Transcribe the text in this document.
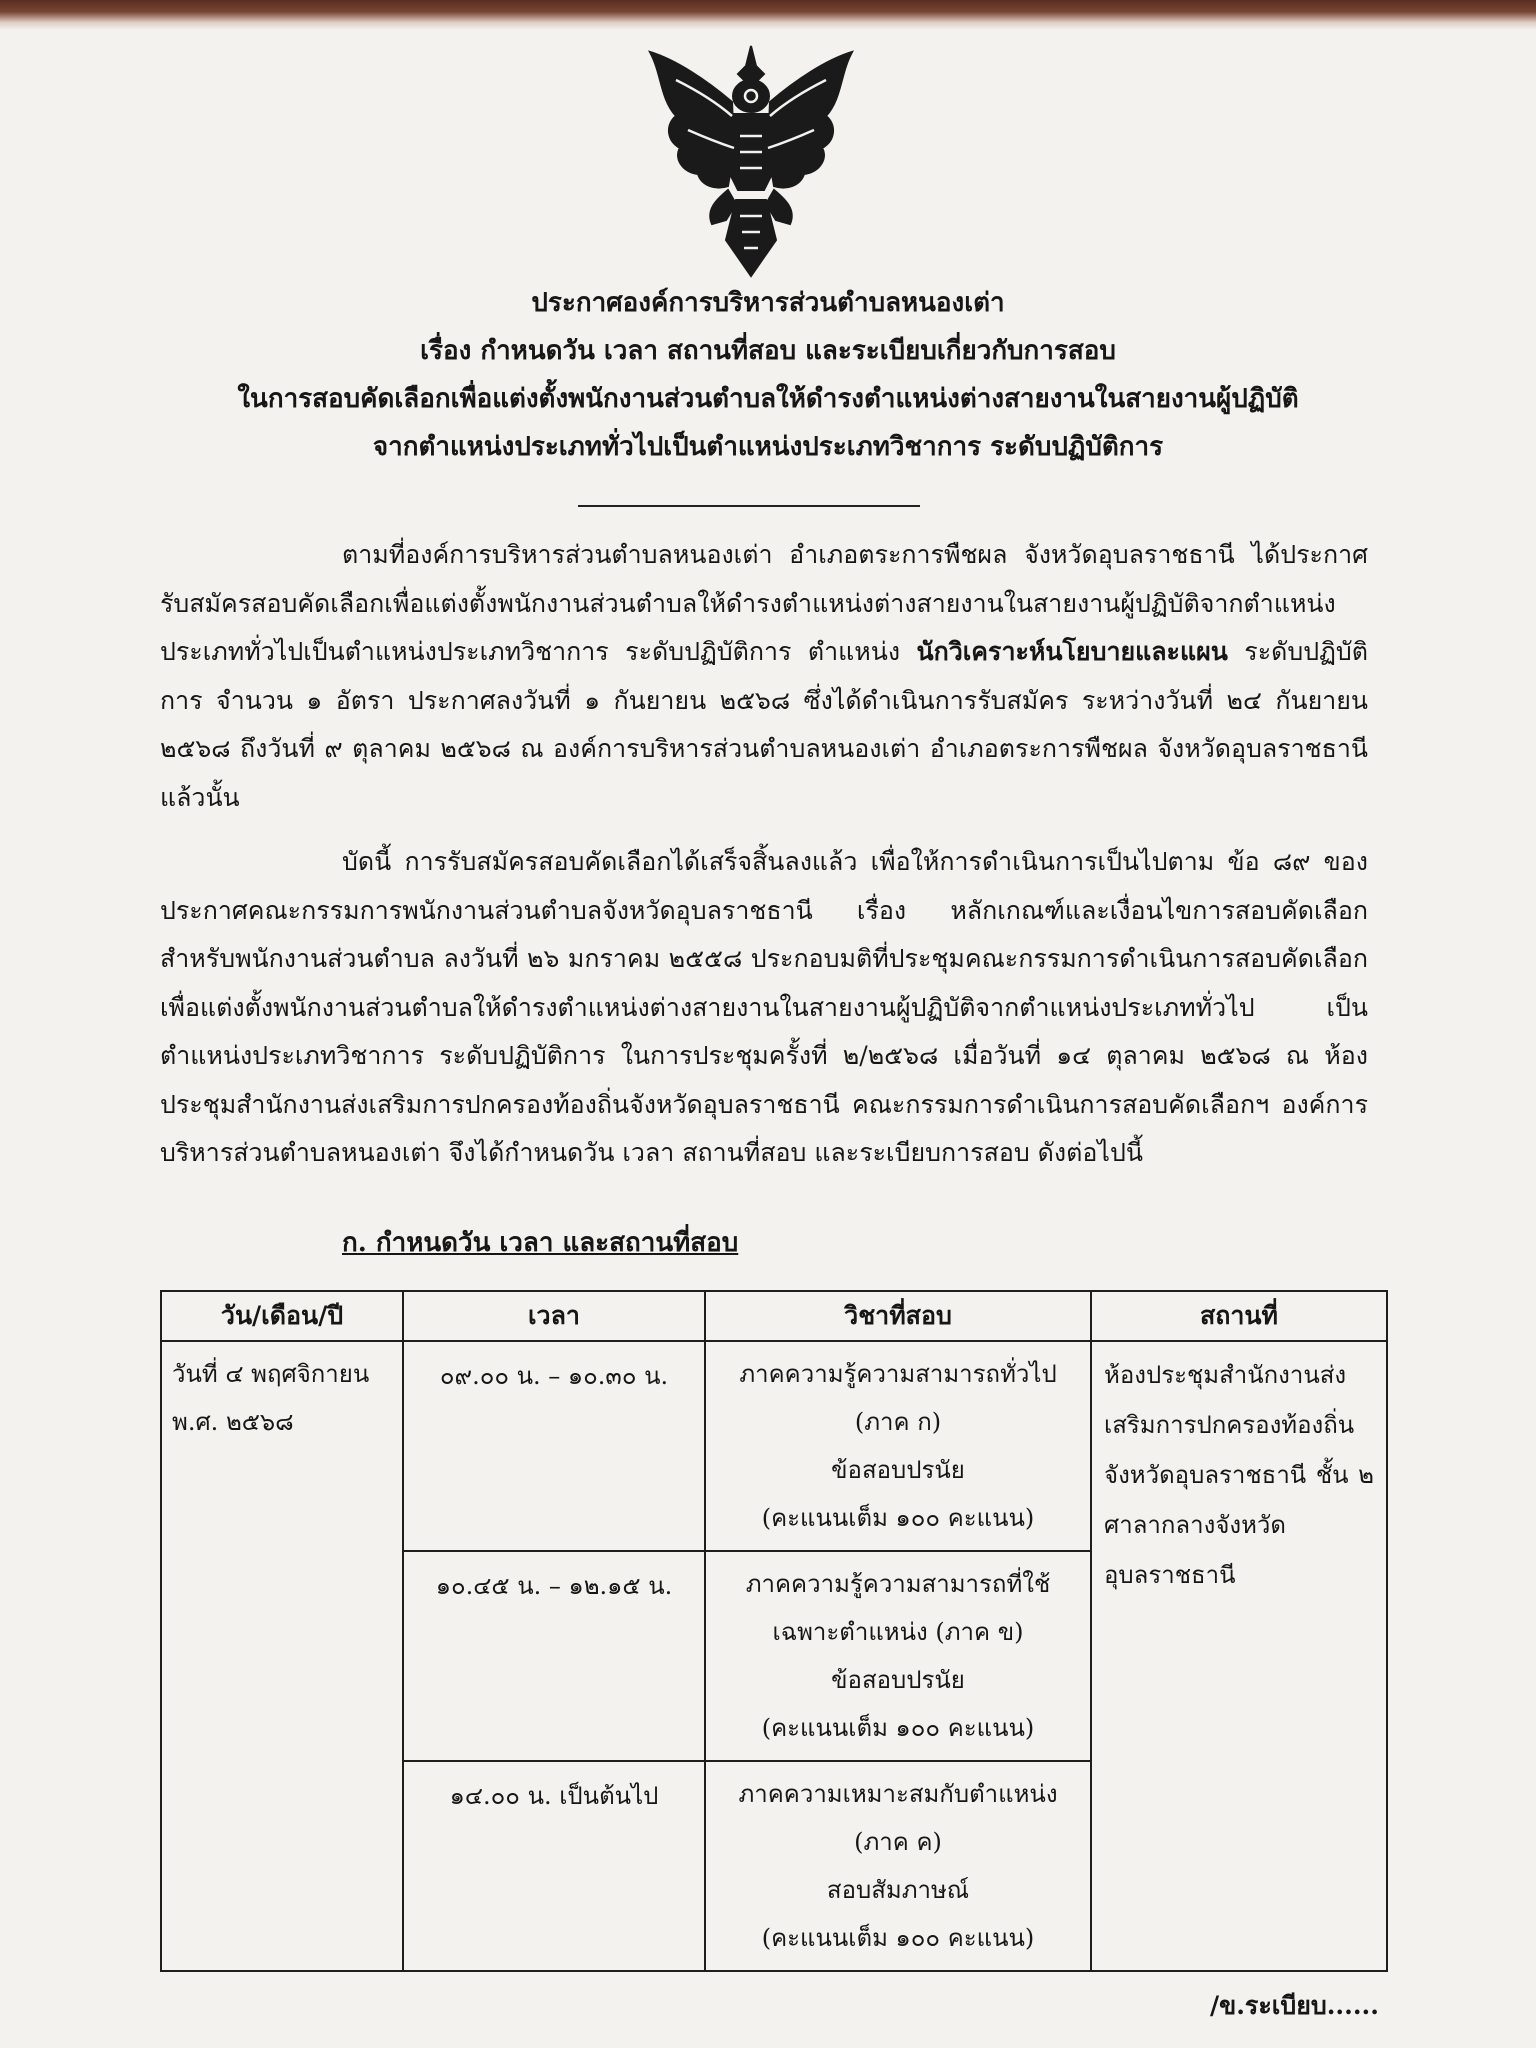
ประกาศองค์การบริหารส่วนตำบลหนองเต่า
เรื่อง กำหนดวัน เวลา สถานที่สอบ และระเบียบเกี่ยวกับการสอบ
ในการสอบคัดเลือกเพื่อแต่งตั้งพนักงานส่วนตำบลให้ดำรงตำแหน่งต่างสายงานในสายงานผู้ปฏิบัติ
จากตำแหน่งประเภททั่วไปเป็นตำแหน่งประเภทวิชาการ ระดับปฏิบัติการ
ตามที่องค์การบริหารส่วนตำบลหนองเต่า อำเภอตระการพืชผล จังหวัดอุบลราชธานี ได้ประกาศรับสมัครสอบคัดเลือกเพื่อแต่งตั้งพนักงานส่วนตำบลให้ดำรงตำแหน่งต่างสายงานในสายงานผู้ปฏิบัติจากตำแหน่งประเภททั่วไปเป็นตำแหน่งประเภทวิชาการ ระดับปฏิบัติการ ตำแหน่ง นักวิเคราะห์นโยบายและแผน ระดับปฏิบัติการ จำนวน ๑ อัตรา ประกาศลงวันที่ ๑ กันยายน ๒๕๖๘ ซึ่งได้ดำเนินการรับสมัคร ระหว่างวันที่ ๒๔ กันยายน ๒๕๖๘ ถึงวันที่ ๙ ตุลาคม ๒๕๖๘ ณ องค์การบริหารส่วนตำบลหนองเต่า อำเภอตระการพืชผล จังหวัดอุบลราชธานี แล้วนั้น
บัดนี้ การรับสมัครสอบคัดเลือกได้เสร็จสิ้นลงแล้ว เพื่อให้การดำเนินการเป็นไปตาม ข้อ ๘๙ ของประกาศคณะกรรมการพนักงานส่วนตำบลจังหวัดอุบลราชธานี เรื่อง หลักเกณฑ์และเงื่อนไขการสอบคัดเลือกสำหรับพนักงานส่วนตำบล ลงวันที่ ๒๖ มกราคม ๒๕๕๘ ประกอบมติที่ประชุมคณะกรรมการดำเนินการสอบคัดเลือกเพื่อแต่งตั้งพนักงานส่วนตำบลให้ดำรงตำแหน่งต่างสายงานในสายงานผู้ปฏิบัติจากตำแหน่งประเภททั่วไป เป็นตำแหน่งประเภทวิชาการ ระดับปฏิบัติการ ในการประชุมครั้งที่ ๒/๒๕๖๘ เมื่อวันที่ ๑๔ ตุลาคม ๒๕๖๘ ณ ห้องประชุมสำนักงานส่งเสริมการปกครองท้องถิ่นจังหวัดอุบลราชธานี คณะกรรมการดำเนินการสอบคัดเลือกฯ องค์การบริหารส่วนตำบลหนองเต่า จึงได้กำหนดวัน เวลา สถานที่สอบ และระเบียบการสอบ ดังต่อไปนี้
ก. กำหนดวัน เวลา และสถานที่สอบ
วัน/เดือน/ปี	เวลา	วิชาที่สอบ	สถานที่

วันที่ ๔ พฤศจิกายน
พ.ศ. ๒๕๖๘	๐๙.๐๐ น. – ๑๐.๓๐ น.	ภาคความรู้ความสามารถทั่วไป
(ภาค ก)
ข้อสอบปรนัย
(คะแนนเต็ม ๑๐๐ คะแนน)	ห้องประชุมสำนักงานส่งเสริมการปกครองท้องถิ่นจังหวัดอุบลราชธานี ชั้น ๒ ศาลากลางจังหวัดอุบลราชธานี
	๑๐.๔๕ น. – ๑๒.๑๕ น.	ภาคความรู้ความสามารถที่ใช้
เฉพาะตำแหน่ง (ภาค ข)
ข้อสอบปรนัย
(คะแนนเต็ม ๑๐๐ คะแนน)	

	๑๔.๐๐ น. เป็นต้นไป	ภาคความเหมาะสมกับตำแหน่ง
(ภาค ค)
สอบสัมภาษณ์
(คะแนนเต็ม ๑๐๐ คะแนน)	
/ข.ระเบียบ......
